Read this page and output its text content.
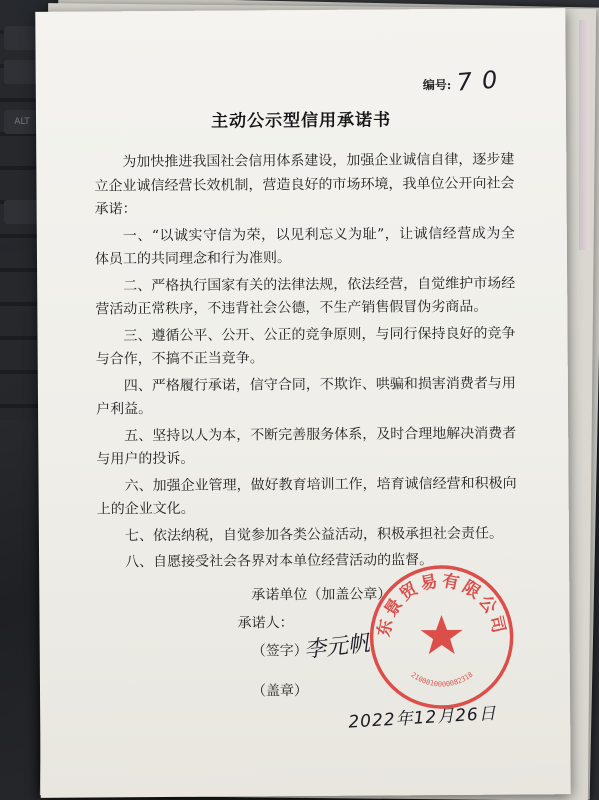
ALT
编号: 70
主动公示型信用承诺书

为加快推进我国社会信用体系建设，加强企业诚信自律，逐步建立企业诚信经营长效机制，营造良好的市场环境，我单位公开向社会承诺：

一、“以诚实守信为荣，以见利忘义为耻”，让诚信经营成为全体员工的共同理念和行为准则。

二、严格执行国家有关的法律法规，依法经营，自觉维护市场经营活动正常秩序，不违背社会公德，不生产销售假冒伪劣商品。

三、遵循公平、公开、公正的竞争原则，与同行保持良好的竞争与合作，不搞不正当竞争。

四、严格履行承诺，信守合同，不欺诈、哄骗和损害消费者与用户利益。

五、坚持以人为本，不断完善服务体系，及时合理地解决消费者与用户的投诉。

六、加强企业管理，做好教育培训工作，培育诚信经营和积极向上的企业文化。

七、依法纳税，自觉参加各类公益活动，积极承担社会责任。

八、自愿接受社会各界对本单位经营活动的监督。

承诺单位（加盖公章）
承诺人：
（签字）
（盖章）
东景贸易有限公司
2100010000082318
李元帆
2022年12月26日
